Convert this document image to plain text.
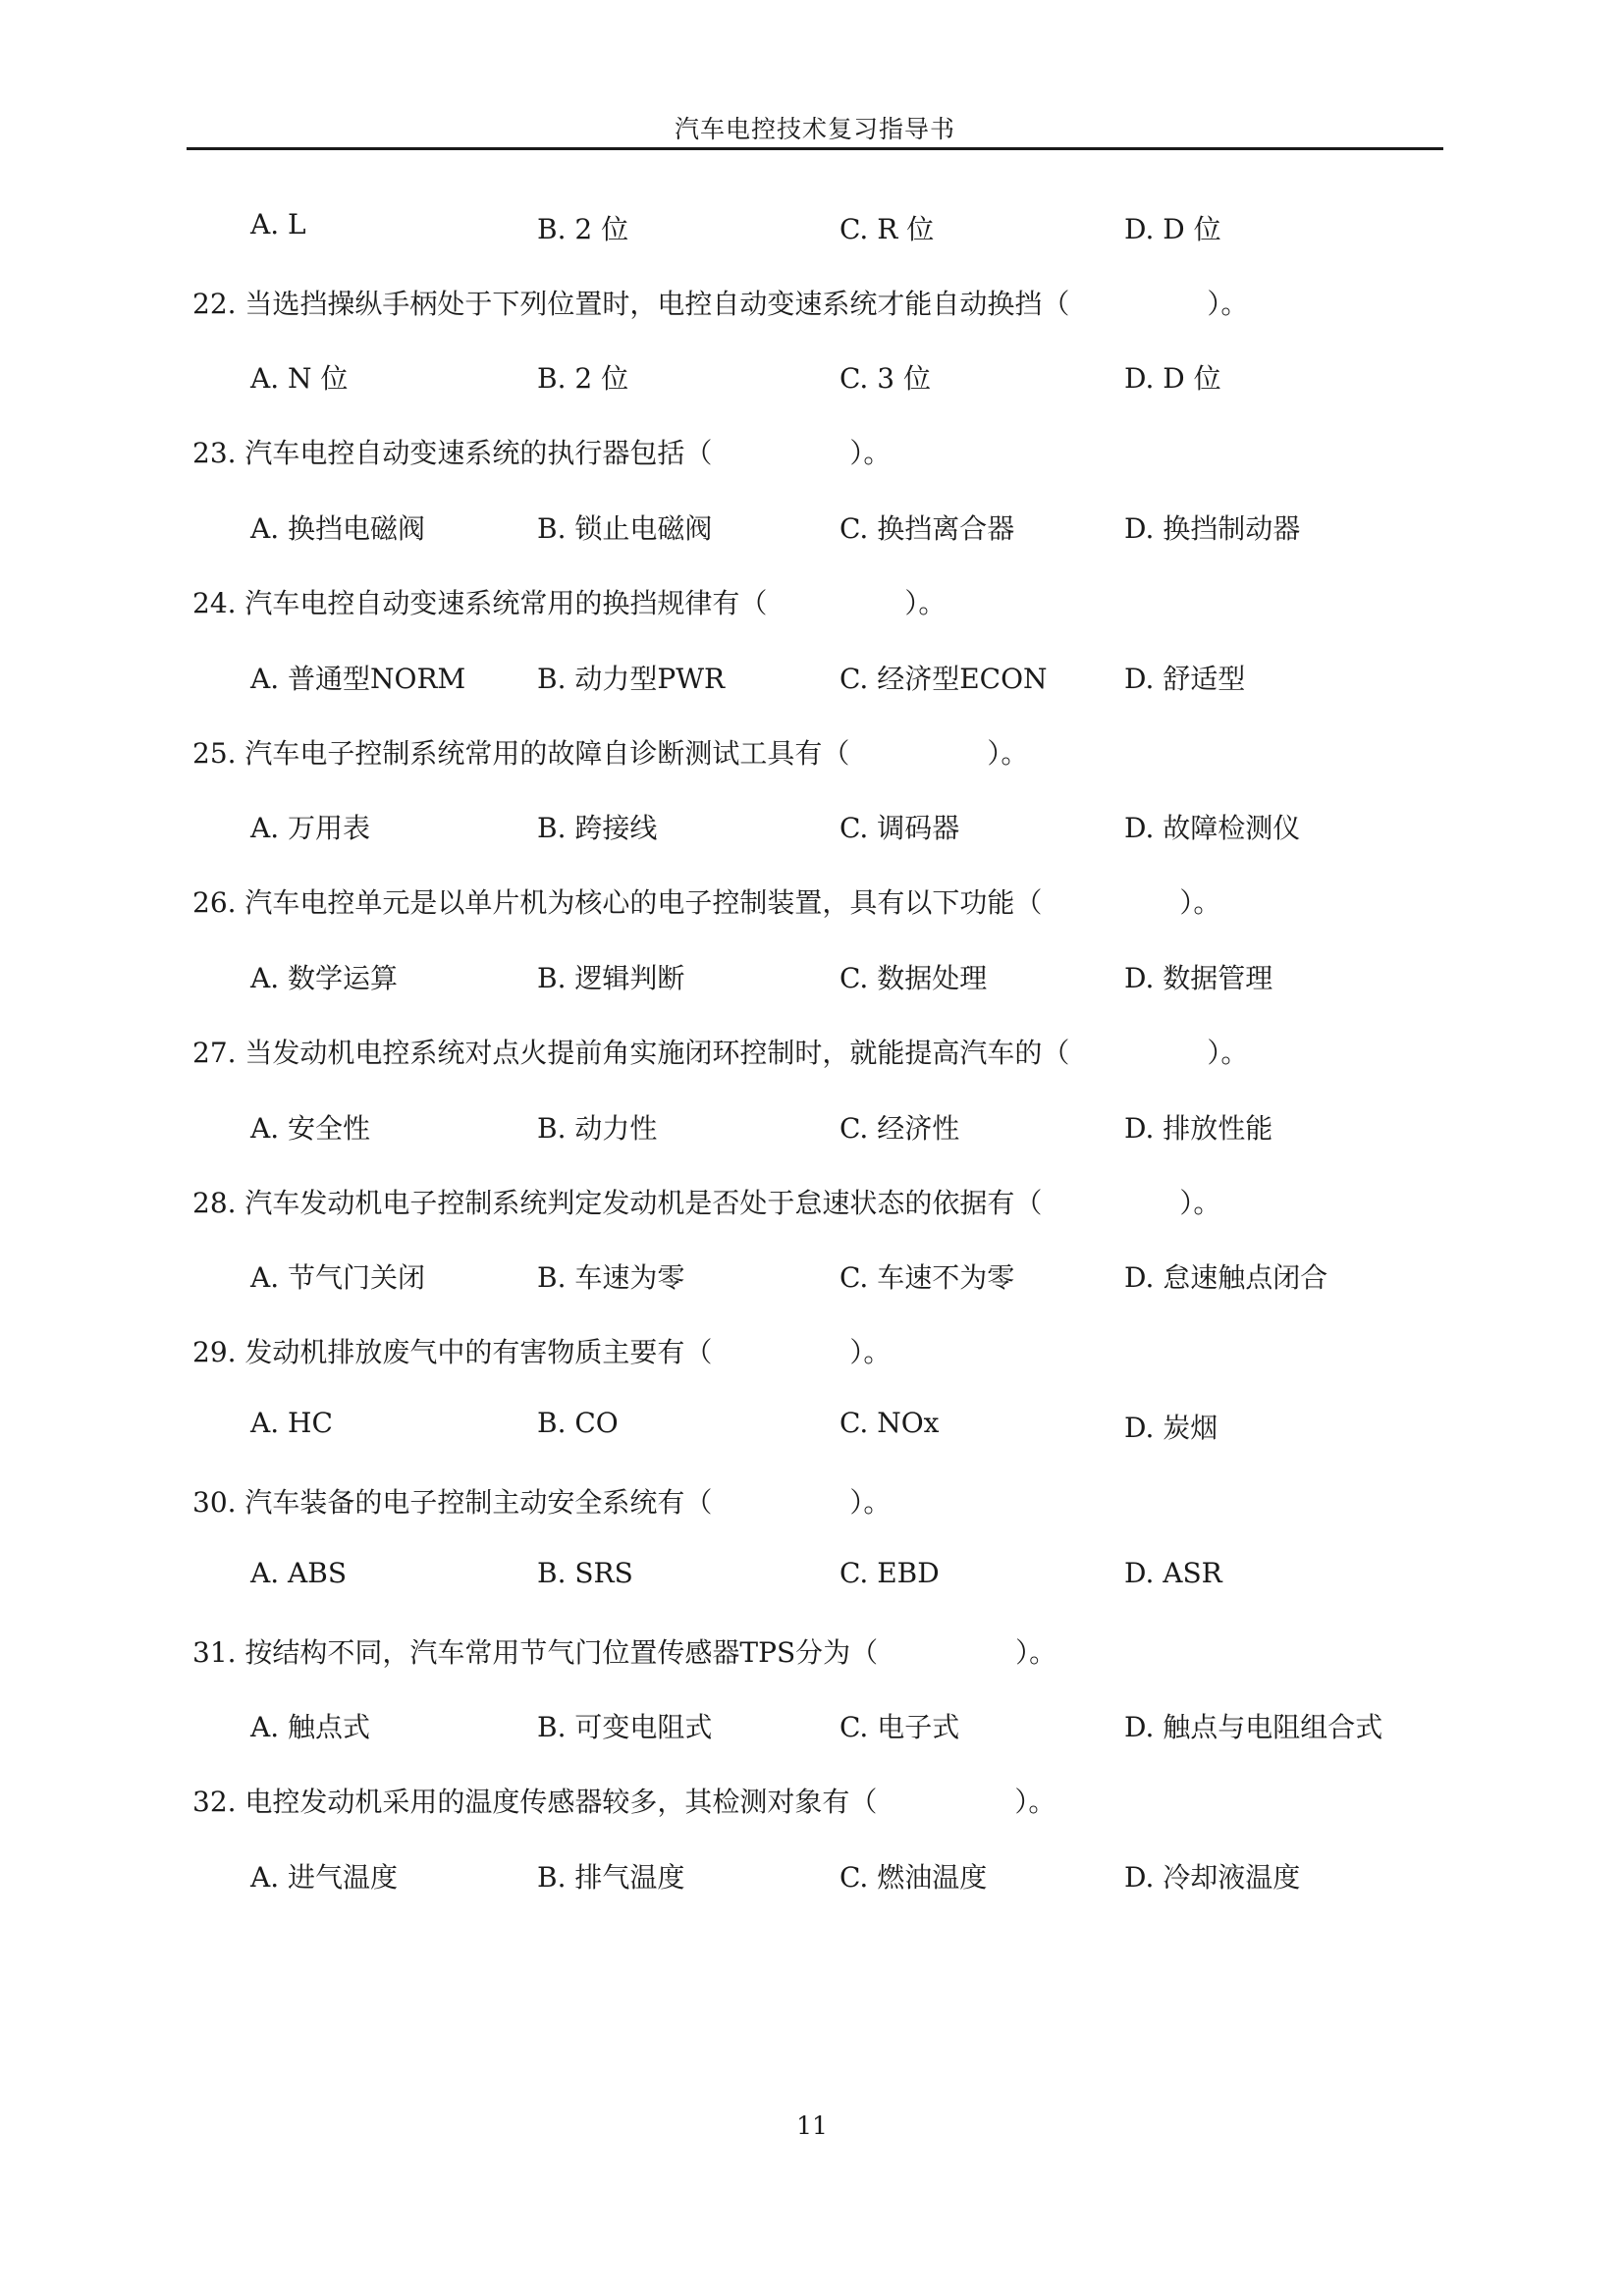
汽车电控技术复习指导书
A. L	B. 2 位	C. R 位	D. D 位
22. 当选挡操纵手柄处于下列位置时，电控自动变速系统才能自动换挡（　　　　　）。
A. N 位	B. 2 位	C. 3 位	D. D 位
23. 汽车电控自动变速系统的执行器包括（　　　　　）。
A. 换挡电磁阀	B. 锁止电磁阀	C. 换挡离合器	D. 换挡制动器
24. 汽车电控自动变速系统常用的换挡规律有（　　　　　）。
A. 普通型NORM	B. 动力型PWR	C. 经济型ECON	D. 舒适型
25. 汽车电子控制系统常用的故障自诊断测试工具有（　　　　　）。
A. 万用表	B. 跨接线	C. 调码器	D. 故障检测仪
26. 汽车电控单元是以单片机为核心的电子控制装置，具有以下功能（　　　　　）。
A. 数学运算	B. 逻辑判断	C. 数据处理	D. 数据管理
27. 当发动机电控系统对点火提前角实施闭环控制时，就能提高汽车的（　　　　　）。
A. 安全性	B. 动力性	C. 经济性	D. 排放性能
28. 汽车发动机电子控制系统判定发动机是否处于怠速状态的依据有（　　　　　）。
A. 节气门关闭	B. 车速为零	C. 车速不为零	D. 怠速触点闭合
29. 发动机排放废气中的有害物质主要有（　　　　　）。
A. HC	B. CO	C. NOx	D. 炭烟
30. 汽车装备的电子控制主动安全系统有（　　　　　）。
A. ABS	B. SRS	C. EBD	D. ASR
31. 按结构不同，汽车常用节气门位置传感器TPS分为（　　　　　）。
A. 触点式	B. 可变电阻式	C. 电子式	D. 触点与电阻组合式
32. 电控发动机采用的温度传感器较多，其检测对象有（　　　　　）。
A. 进气温度	B. 排气温度	C. 燃油温度	D. 冷却液温度
11
